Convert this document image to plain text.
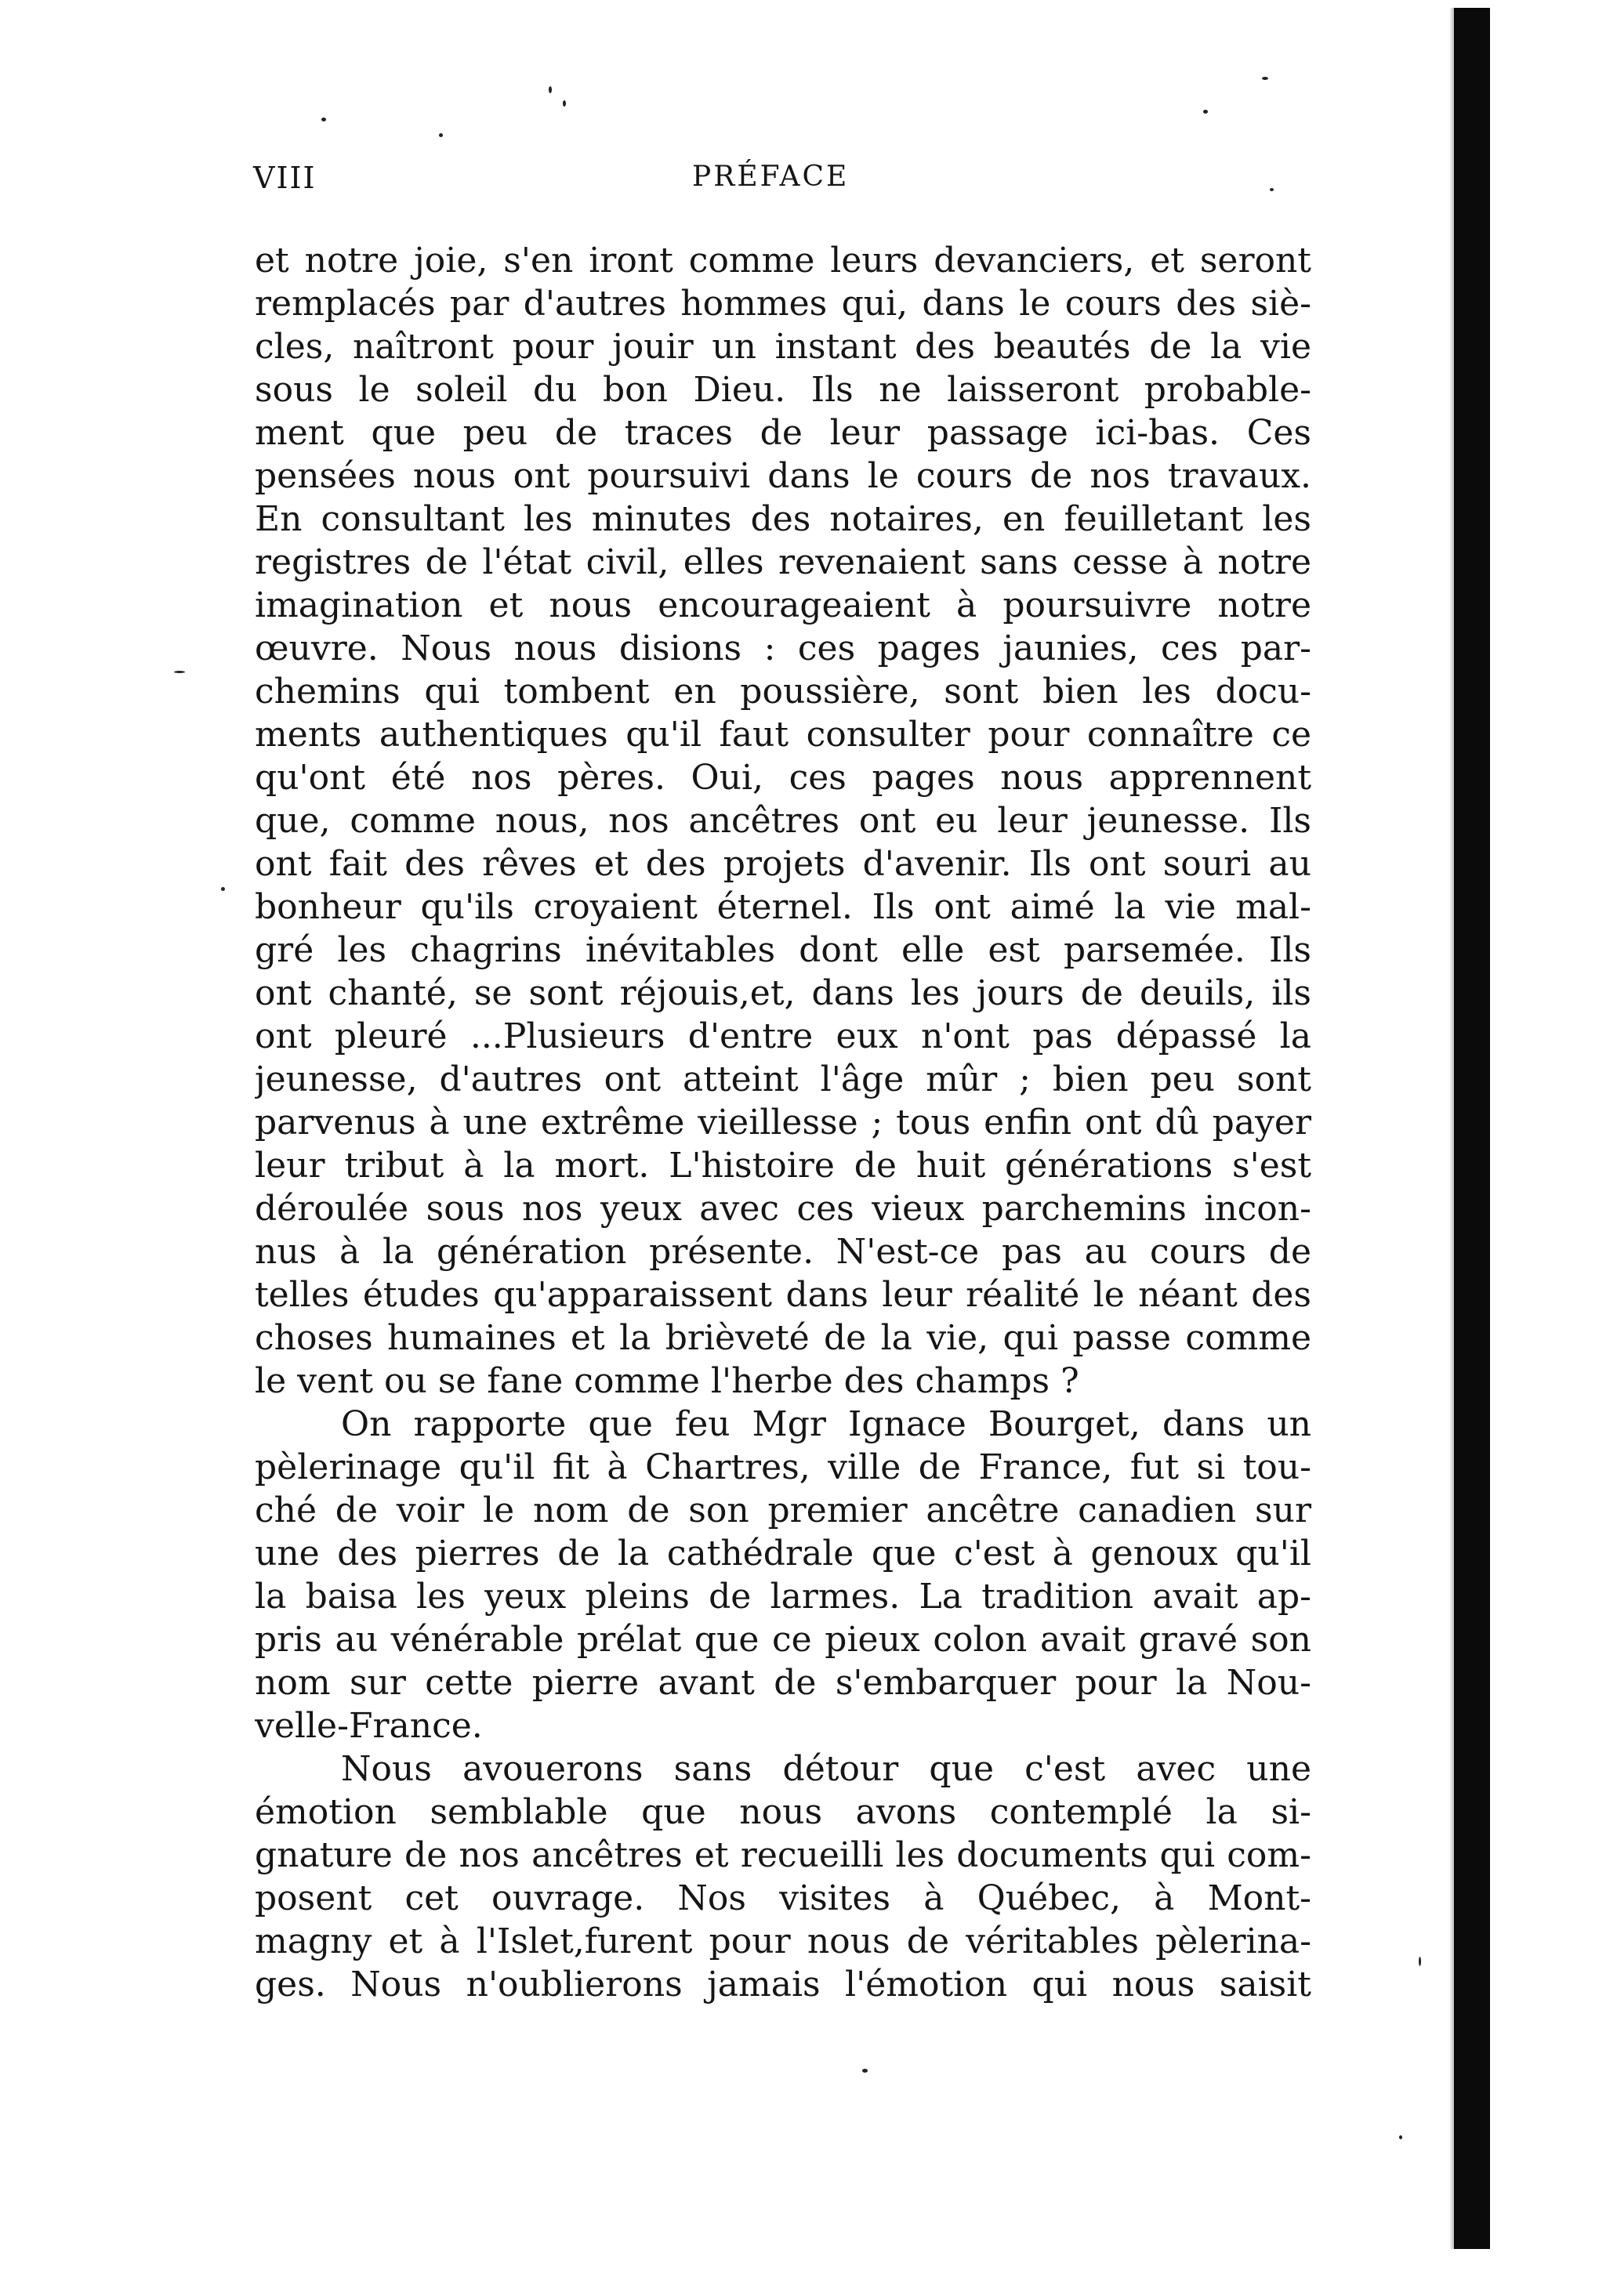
VIII	PRÉFACE
et notre joie, s'en iront comme leurs devanciers, et seront
remplacés par d'autres hommes qui, dans le cours des siè-
cles, naîtront pour jouir un instant des beautés de la vie
sous le soleil du bon Dieu. Ils ne laisseront probable-
ment que peu de traces de leur passage ici-bas. Ces
pensées nous ont poursuivi dans le cours de nos travaux.
En consultant les minutes des notaires, en feuilletant les
registres de l'état civil, elles revenaient sans cesse à notre
imagination et nous encourageaient à poursuivre notre
œuvre. Nous nous disions : ces pages jaunies, ces par-
chemins qui tombent en poussière, sont bien les docu-
ments authentiques qu'il faut consulter pour connaître ce
qu'ont été nos pères. Oui, ces pages nous apprennent
que, comme nous, nos ancêtres ont eu leur jeunesse. Ils
ont fait des rêves et des projets d'avenir. Ils ont souri au
bonheur qu'ils croyaient éternel. Ils ont aimé la vie mal-
gré les chagrins inévitables dont elle est parsemée. Ils
ont chanté, se sont réjouis,et, dans les jours de deuils, ils
ont pleuré ...Plusieurs d'entre eux n'ont pas dépassé la
jeunesse, d'autres ont atteint l'âge mûr ; bien peu sont
parvenus à une extrême vieillesse ; tous enfin ont dû payer
leur tribut à la mort. L'histoire de huit générations s'est
déroulée sous nos yeux avec ces vieux parchemins incon-
nus à la génération présente. N'est-ce pas au cours de
telles études qu'apparaissent dans leur réalité le néant des
choses humaines et la brièveté de la vie, qui passe comme
le vent ou se fane comme l'herbe des champs ?
On rapporte que feu Mgr Ignace Bourget, dans un
pèlerinage qu'il fit à Chartres, ville de France, fut si tou-
ché de voir le nom de son premier ancêtre canadien sur
une des pierres de la cathédrale que c'est à genoux qu'il
la baisa les yeux pleins de larmes. La tradition avait ap-
pris au vénérable prélat que ce pieux colon avait gravé son
nom sur cette pierre avant de s'embarquer pour la Nou-
velle-France.
Nous avouerons sans détour que c'est avec une
émotion semblable que nous avons contemplé la si-
gnature de nos ancêtres et recueilli les documents qui com-
posent cet ouvrage. Nos visites à Québec, à Mont-
magny et à l'Islet,furent pour nous de véritables pèlerina-
ges. Nous n'oublierons jamais l'émotion qui nous saisit
